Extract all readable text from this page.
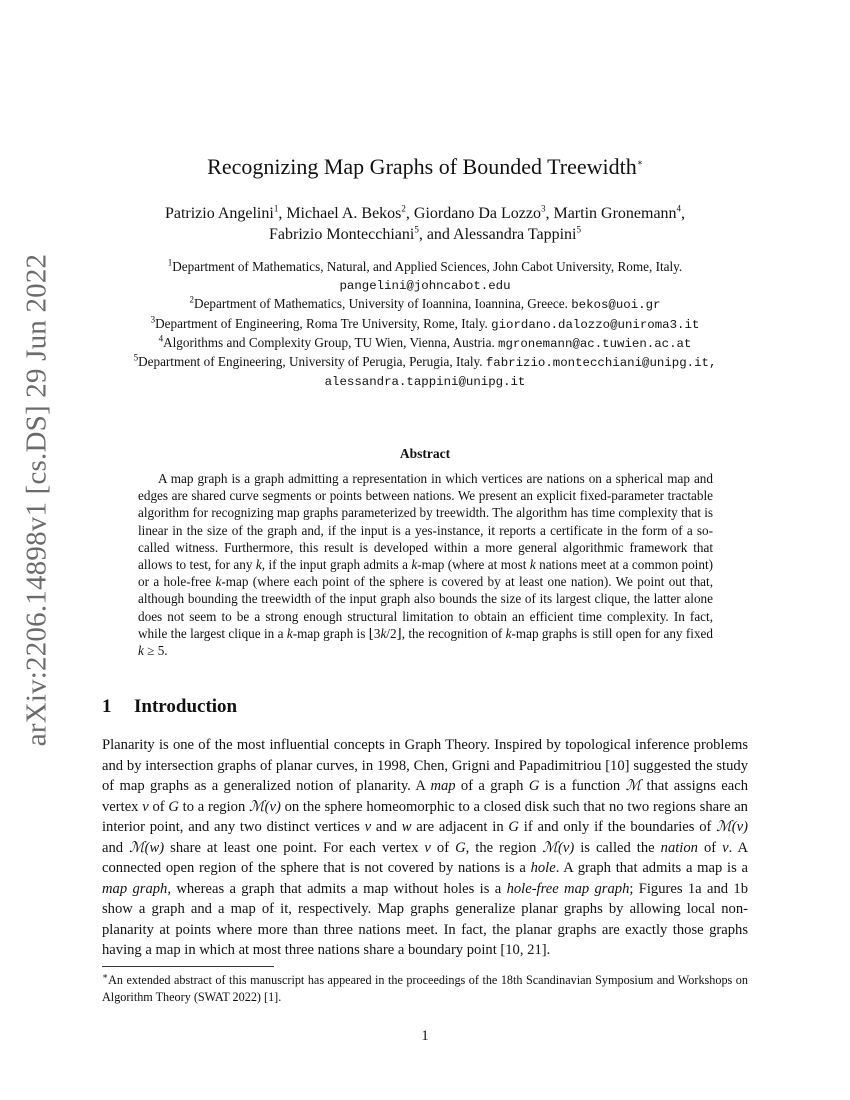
arXiv:2206.14898v1 [cs.DS] 29 Jun 2022
Recognizing Map Graphs of Bounded Treewidth∗
Patrizio Angelini$^1$, Michael A. Bekos$^2$, Giordano Da Lozzo$^3$, Martin Gronemann$^4$,
Fabrizio Montecchiani$^5$, and Alessandra Tappini$^5$
$^1$Department of Mathematics, Natural, and Applied Sciences, John Cabot University, Rome, Italy.
pangelini@johncabot.edu
$^2$Department of Mathematics, University of Ioannina, Ioannina, Greece. bekos@uoi.gr
$^3$Department of Engineering, Roma Tre University, Rome, Italy. giordano.dalozzo@uniroma3.it
$^4$Algorithms and Complexity Group, TU Wien, Vienna, Austria. mgronemann@ac.tuwien.ac.at
$^5$Department of Engineering, University of Perugia, Perugia, Italy. fabrizio.montecchiani@unipg.it,
alessandra.tappini@unipg.it
Abstract

A map graph is a graph admitting a representation in which vertices are nations on a spherical map and edges are shared curve segments or points between nations. We present an explicit fixed-parameter tractable algorithm for recognizing map graphs parameterized by treewidth. The algorithm has time complexity that is linear in the size of the graph and, if the input is a yes-instance, it reports a certificate in the form of a so-called witness. Furthermore, this result is developed within a more general algorithmic framework that allows to test, for any k, if the input graph admits a k-map (where at most k nations meet at a common point) or a hole-free k-map (where each point of the sphere is covered by at least one nation). We point out that, although bounding the treewidth of the input graph also bounds the size of its largest clique, the latter alone does not seem to be a strong enough structural limitation to obtain an efficient time complexity. In fact, while the largest clique in a k-map graph is ⌊3k/2⌋, the recognition of k-map graphs is still open for any fixed k ≥ 5.

1 Introduction

Planarity is one of the most influential concepts in Graph Theory. Inspired by topological inference problems and by intersection graphs of planar curves, in 1998, Chen, Grigni and Papadimitriou [10] suggested the study of map graphs as a generalized notion of planarity. A map of a graph G is a function ℳ that assigns each vertex v of G to a region ℳ(v) on the sphere homeomorphic to a closed disk such that no two regions share an interior point, and any two distinct vertices v and w are adjacent in G if and only if the boundaries of ℳ(v) and ℳ(w) share at least one point. For each vertex v of G, the region ℳ(v) is called the nation of v. A connected open region of the sphere that is not covered by nations is a hole. A graph that admits a map is a map graph, whereas a graph that admits a map without holes is a hole-free map graph; Figures 1a and 1b show a graph and a map of it, respectively. Map graphs generalize planar graphs by allowing local non-planarity at points where more than three nations meet. In fact, the planar graphs are exactly those graphs having a map in which at most three nations share a boundary point [10, 21].

∗An extended abstract of this manuscript has appeared in the proceedings of the 18th Scandinavian Symposium and Workshops on Algorithm Theory (SWAT 2022) [1].
1
